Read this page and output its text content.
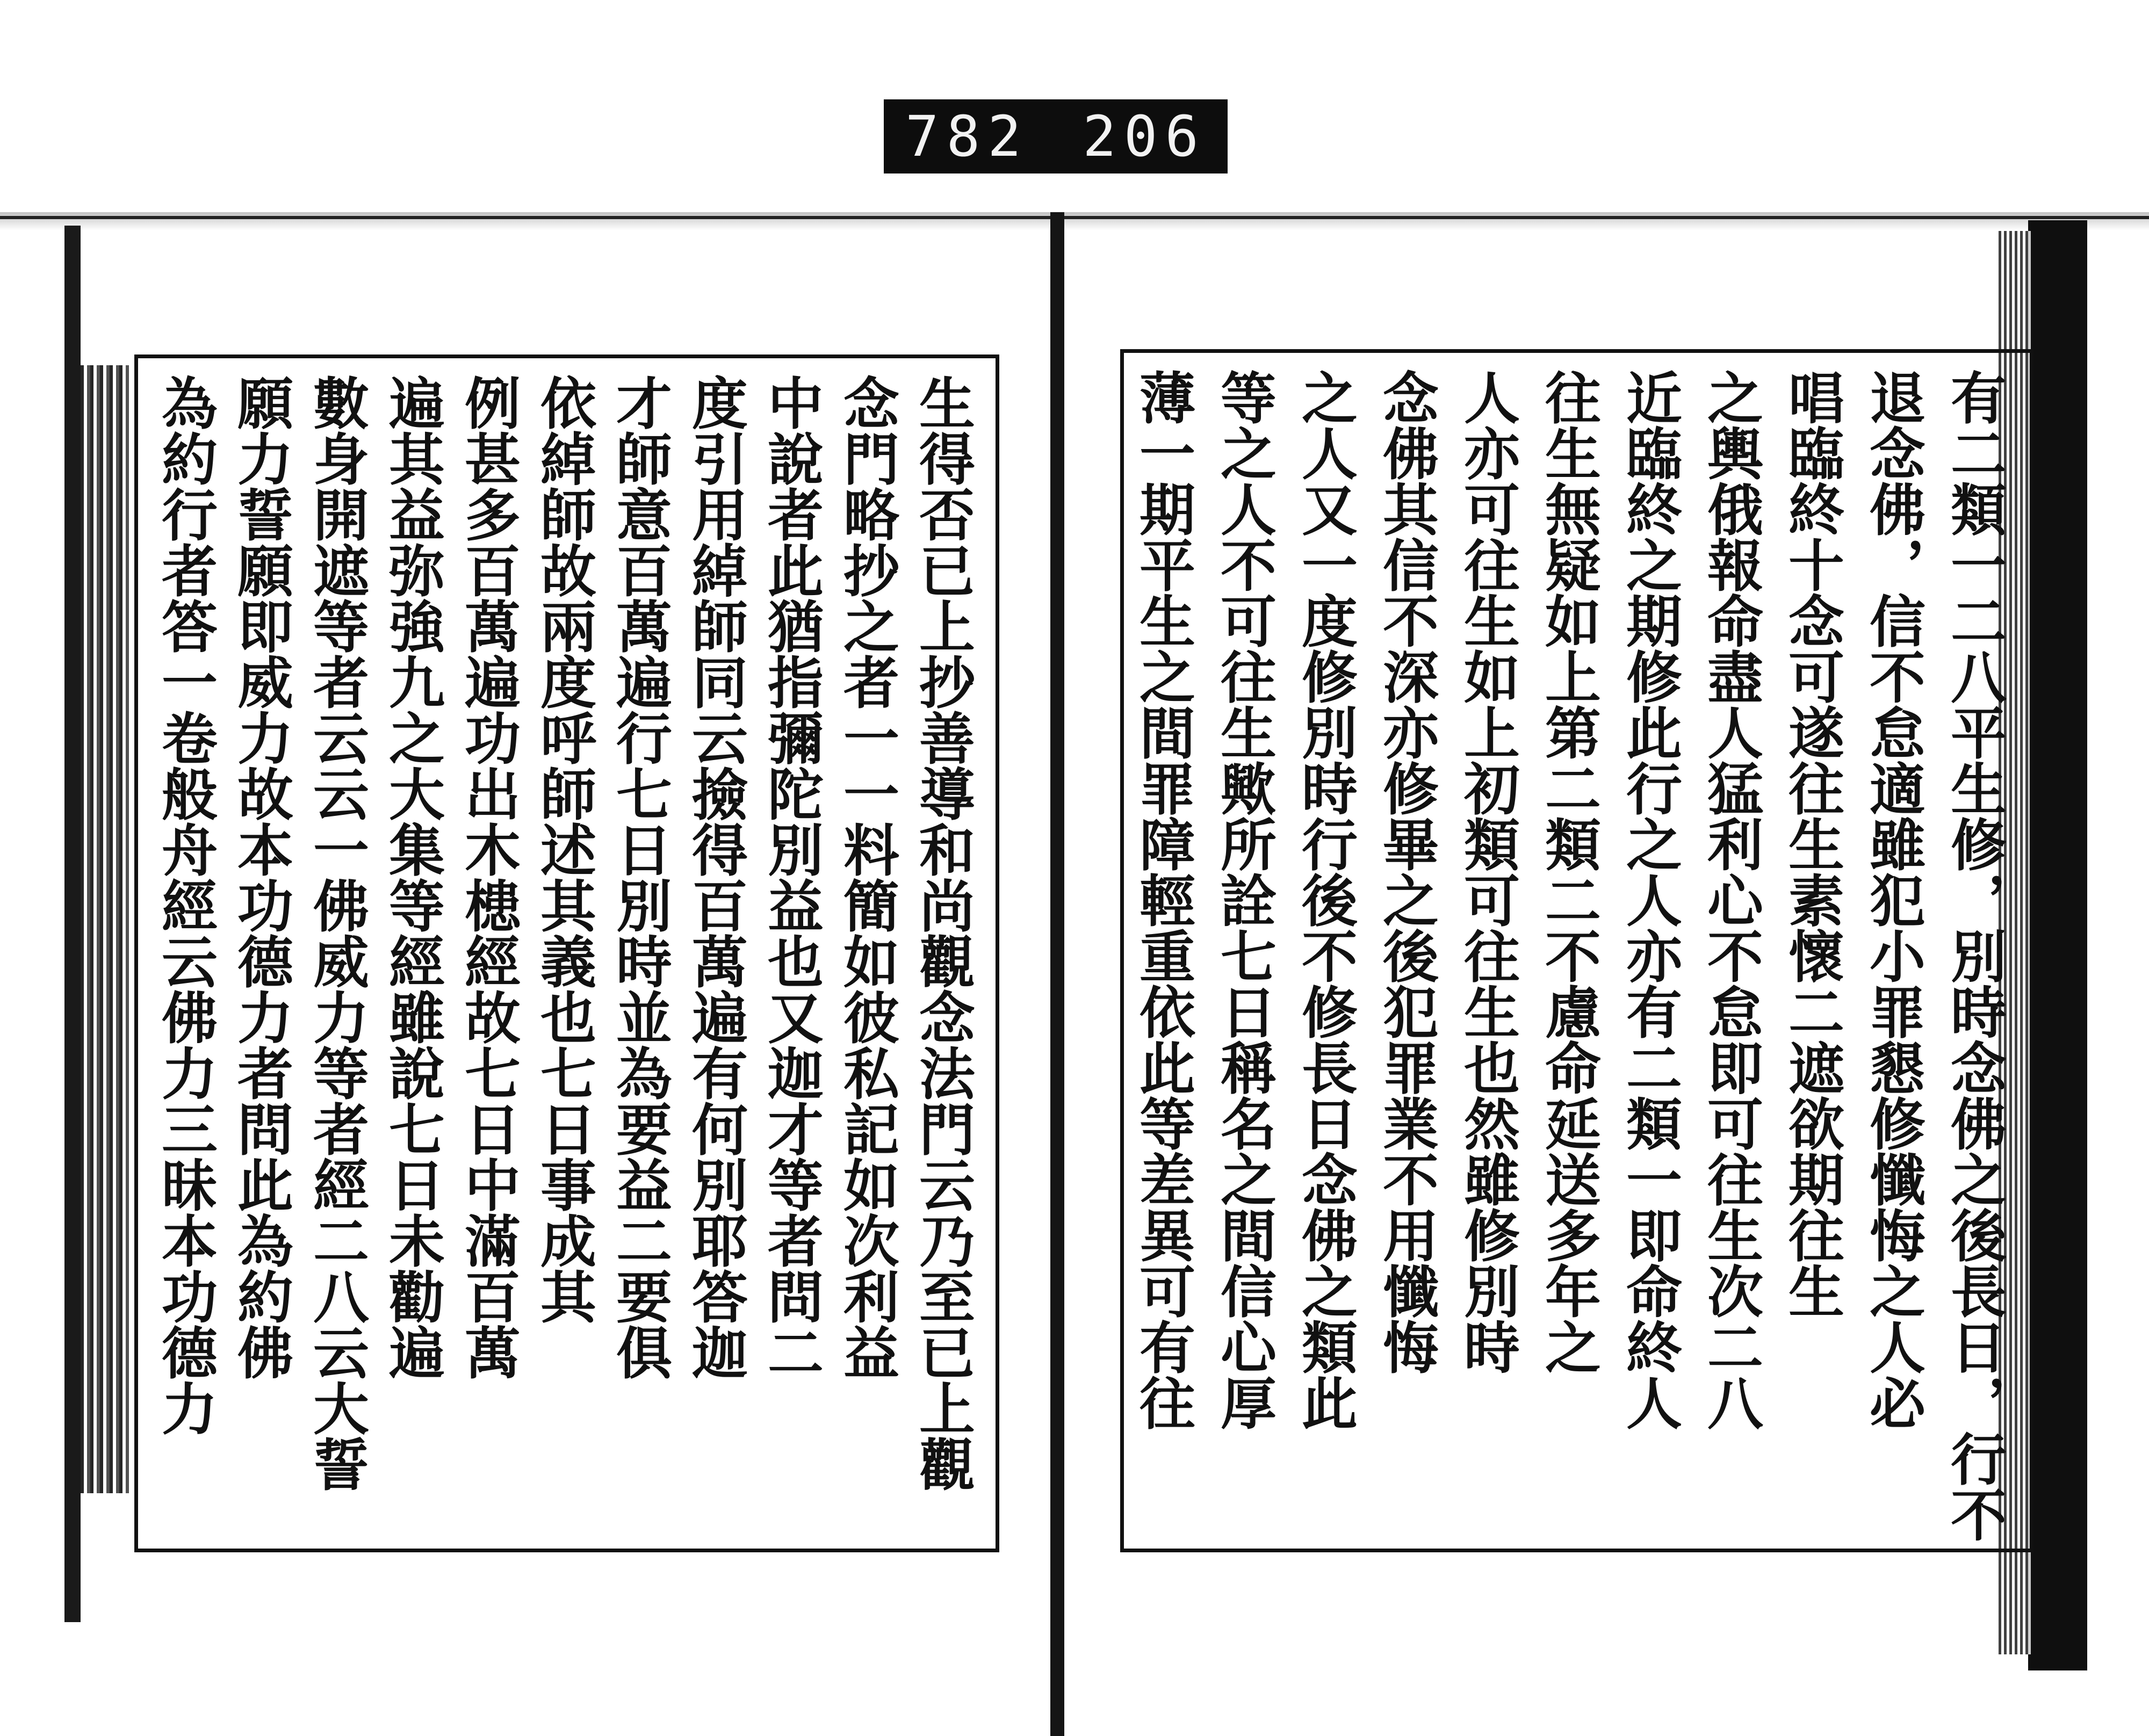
782 206
有二類一二八平生修，別時念佛之後長日，行不
退念佛，信不怠適雖犯小罪懇修懺悔之人必
唱臨終十念可遂往生素懷二遮欲期往生
之輿俄報命盡人猛利心不怠即可往生次二八
近臨終之期修此行之人亦有二類一即命終人
往生無疑如上第二類二不慮命延送多年之
人亦可往生如上初類可往生也然雖修別時
念佛其信不深亦修畢之後犯罪業不用懺悔
之人又一度修別時行後不修長日念佛之類此
等之人不可往生歟所詮七日稱名之間信心厚
薄一期平生之間罪障輕重依此等差異可有往
生得否已上抄善導和尚觀念法門云乃至已上觀
念門略抄之者一一料簡如彼私記如次利益
中說者此猶指彌陀別益也又迦才等者問二
度引用綽師同云撿得百萬遍有何別耶答迦
才師意百萬遍行七日別時並為要益二要俱
依綽師故兩度呼師述其義也七日事成其
例甚多百萬遍功出木槵經故七日中滿百萬
遍其益弥強九之大集等經雖說七日未勸遍
數身開遮等者云云一佛威力等者經二八云大誓
願力誓願即威力故本功德力者問此為約佛
為約行者答一卷般舟經云佛力三昧本功德力
